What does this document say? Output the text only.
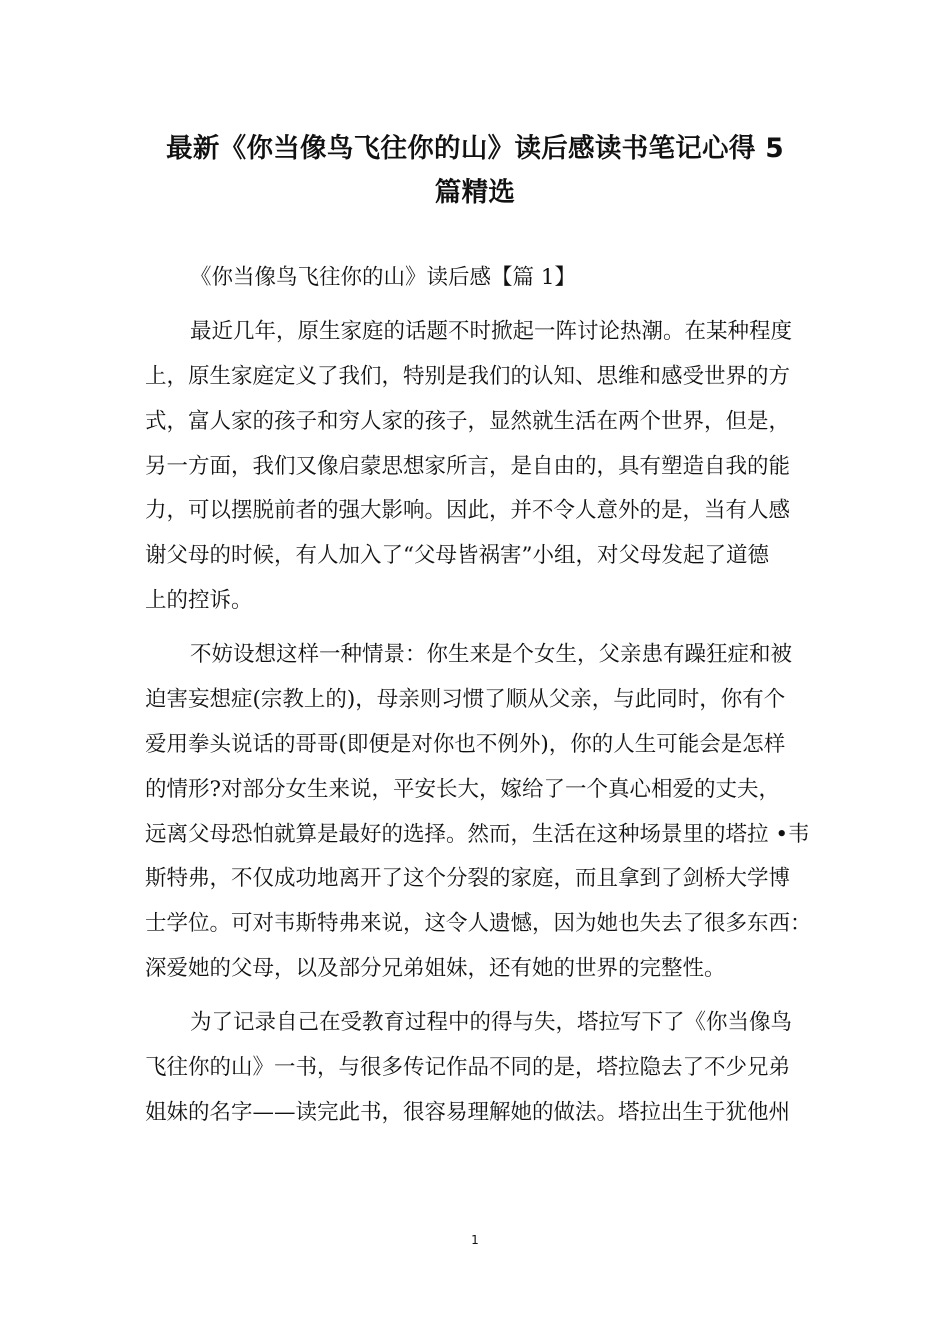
最新《你当像鸟飞往你的山》读后感读书笔记心得 5
篇精选
《你当像鸟飞往你的山》读后感【篇 1】
最近几年，原生家庭的话题不时掀起一阵讨论热潮。在某种程度
上，原生家庭定义了我们，特别是我们的认知、思维和感受世界的方
式，富人家的孩子和穷人家的孩子，显然就生活在两个世界，但是，
另一方面，我们又像启蒙思想家所言，是自由的，具有塑造自我的能
力，可以摆脱前者的强大影响。因此，并不令人意外的是，当有人感
谢父母的时候，有人加入了“父母皆祸害”小组，对父母发起了道德
上的控诉。
不妨设想这样一种情景：你生来是个女生，父亲患有躁狂症和被
迫害妄想症(宗教上的)，母亲则习惯了顺从父亲，与此同时，你有个
爱用拳头说话的哥哥(即便是对你也不例外)，你的人生可能会是怎样
的情形?对部分女生来说，平安长大，嫁给了一个真心相爱的丈夫，
远离父母恐怕就算是最好的选择。然而，生活在这种场景里的塔拉 •韦
斯特弗，不仅成功地离开了这个分裂的家庭，而且拿到了剑桥大学博
士学位。可对韦斯特弗来说，这令人遗憾，因为她也失去了很多东西：
深爱她的父母，以及部分兄弟姐妹，还有她的世界的完整性。
为了记录自己在受教育过程中的得与失，塔拉写下了《你当像鸟
飞往你的山》一书，与很多传记作品不同的是，塔拉隐去了不少兄弟
姐妹的名字——读完此书，很容易理解她的做法。塔拉出生于犹他州
1
